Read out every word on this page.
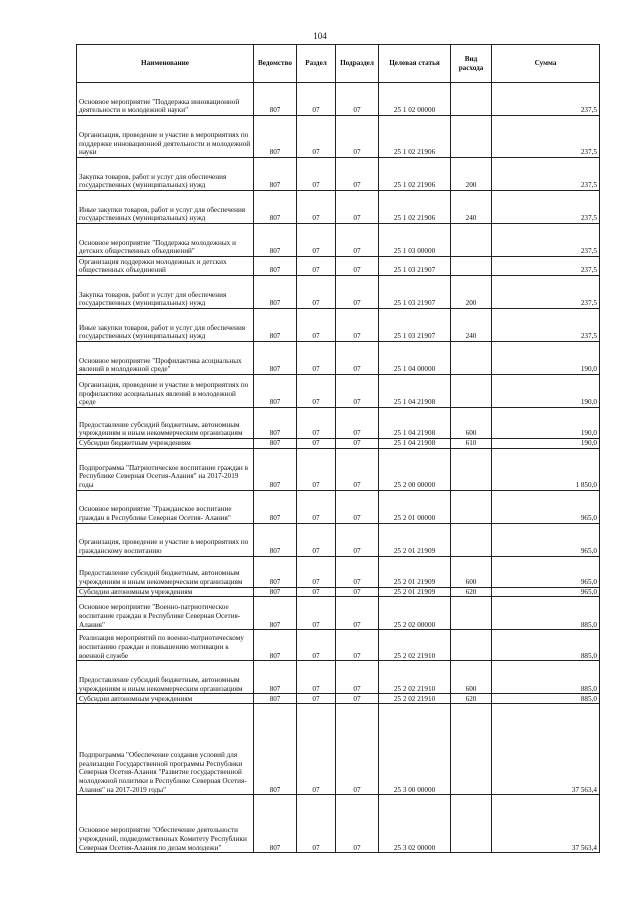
104
Наименование	Ведомство	Раздел	Подраздел	Целевая статья	Вид расхода	Сумма
Основное мероприятие "Поддержка инновационной деятельности и молодежной науки"	807	07	07	25 1 02 00000		237,5
Организация, проведение и участие в мероприятиях по поддержке инновационной деятельности и молодежной науки	807	07	07	25 1 02 21906		237,5
Закупка товаров, работ и услуг для обеспечения государственных (муниципальных) нужд	807	07	07	25 1 02 21906	200	237,5
Иные закупки товаров, работ и услуг для обеспечения государственных (муниципальных) нужд	807	07	07	25 1 02 21906	240	237,5
Основное мероприятие "Поддержка молодежных и детских общественных объединений"	807	07	07	25 1 03 00000		237,5
Организация поддержки молодежных и детских общественных объединений	807	07	07	25 1 03 21907		237,5
Закупка товаров, работ и услуг для обеспечения государственных (муниципальных) нужд	807	07	07	25 1 03 21907	200	237,5
Иные закупки товаров, работ и услуг для обеспечения государственных (муниципальных) нужд	807	07	07	25 1 03 21907	240	237,5
Основное мероприятие "Профилактика асоциальных явлений в молодежной среде"	807	07	07	25 1 04 00000		190,0
Организация, проведение и участие в мероприятиях по профилактике асоциальных явлений в молодежной среде	807	07	07	25 1 04 21908		190,0
Предоставление субсидий бюджетным, автономным учреждениям и иным некоммерческим организациям	807	07	07	25 1 04 21908	600	190,0
Субсидии бюджетным учреждениям	807	07	07	25 1 04 21908	610	190,0
Подпрограмма "Патриотическое воспитание граждан в Республике Северная Осетия-Алания" на 2017-2019 годы	807	07	07	25 2 00 00000		1 850,0
Основное мероприятие "Гражданское воспитание граждан в Республике Северная Осетия- Алания"	807	07	07	25 2 01 00000		965,0
Организация, проведение и участие в мероприятиях по гражданскому воспитанию	807	07	07	25 2 01 21909		965,0
Предоставление субсидий бюджетным, автономным учреждениям и иным некоммерческим организациям	807	07	07	25 2 01 21909	600	965,0
Субсидии автономным учреждениям	807	07	07	25 2 01 21909	620	965,0
Основное мероприятие "Военно-патриотическое воспитание граждан в Республике Северная Осетия- Алания"	807	07	07	25 2 02 00000		885,0
Реализация мероприятий по военно-патриотическому воспитанию граждан и повышению мотивации к военной службе	807	07	07	25 2 02 21910		885,0
Предоставление субсидий бюджетным, автономным учреждениям и иным некоммерческим организациям	807	07	07	25 2 02 21910	600	885,0
Субсидии автономным учреждениям	807	07	07	25 2 02 21910	620	885,0
Подпрограмма "Обеспечение создания условий для реализации Государственной программы Республики Северная Осетия-Алания "Развитие государственной молодежной политики в Республике Северная Осетия-Алания" на 2017-2019 годы"	807	07	07	25 3 00 00000		37 563,4
Основное мероприятие "Обеспечение деятельности учреждений, подведомственных Комитету Республики Северная Осетия-Алания по делам молодежи"	807	07	07	25 3 02 00000		37 563,4
